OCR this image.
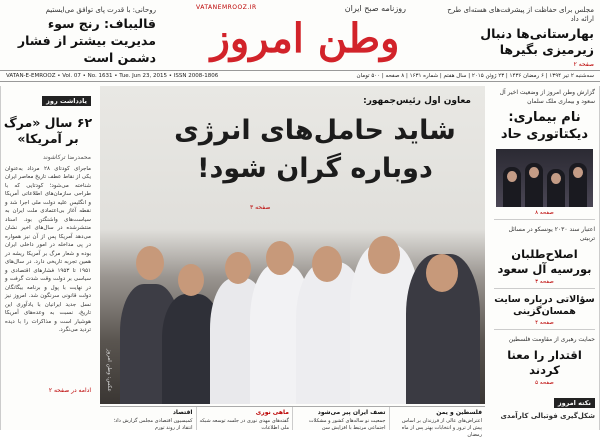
روحانی: با قدرت پای توافق می‌ایستیم
قالیباف: رنج سوء مدیریت بیشتر از فشار دشمن است
VATANEMROOZ.IR	روزنامه صبح ایران
وطن امروز
مجلس برای حفاظت از پیشرفت‌های هسته‌ای طرح ارائه داد
بهارستانی‌ها دنبال زیرمیزی بگیرها
صفحه ۲
سه‌شنبه ۲ تیر ۱۳۹۴ | ۶ رمضان ۱۴۳۶ | ۲۳ ژوئن ۲۰۱۵ | سال هفتم | شماره ۱۶۳۱ | ۸ صفحه | ۵۰۰ تومان
VATAN-E-EMROOZ • Vol. 07 • No. 1631 • Tue. Jun 23, 2015 • ISSN 2008-1806
یادداشت روز
۶۲ سال «مرگ بر آمریکا»
محمدرضا ترکاشوند
ماجرای کودتای ۲۸ مرداد به‌عنوان یکی از نقاط عطف تاریخ معاصر ایران شناخته می‌شود؛ کودتایی که با طراحی سازمان‌های اطلاعاتی آمریکا و انگلیس علیه دولت ملی اجرا شد و نقطه آغاز بی‌اعتمادی ملت ایران به سیاست‌های واشنگتن بود. اسناد منتشرشده در سال‌های اخیر نشان می‌دهد آمریکا پس از آن نیز همواره در پی مداخله در امور داخلی ایران بوده و شعار مرگ بر آمریکا ریشه در همین تجربه تاریخی دارد. در سال‌های ۱۹۵۱ تا ۱۹۵۳ فشارهای اقتصادی و سیاسی بر دولت وقت شدت گرفت و در نهایت با پول و برنامه بیگانگان دولت قانونی سرنگون شد. امروز نیز نسل جدید ایرانیان با یادآوری این تاریخ، نسبت به وعده‌های آمریکا هوشیار است و مذاکرات را با دیده تردید می‌نگرد.
ادامه در صفحه ۲
معاون اول رئیس‌جمهور:
شاید حامل‌های انرژی دوباره گران شود!
صفحه ۳
عکس: وطن امروز
گزارش وطن امروز از وضعیت اخیر آل سعود و بیماری ملک سلمان
نام بیماری: دیکتاتوری حاد
صفحه ۸
اعتبار سند ۲۰۳۰ یونسکو در مسائل تربیتی
اصلاح‌طلبان بورسیه آل سعود
صفحه ۳
سؤالاتی درباره سایت همسان‌گزینی
صفحه ۴
حمایت رهبری از مقاومت فلسطین
اقتدار را معنا کردند
صفحه ۵
نکته امروز
شکل‌گیری فوتبالی کارآمدی
فلسطین و یمن
اعتراض‌های عالی از فرزندان بر اساس پیش از ترور و انتخابات بهتر پس از ماه رمضان
تصف ایران پیر می‌شود
جمعیت نو ساله‌های کشور و مشکلات اجتماعی مرتبط با افزایش سن
ماهی نوری
گفته‌های مهدی نوری در جلسه توسعه شبکه ملی اطلاعات
اقتصاد
کمیسیون اقتصادی مجلس گزارش داد؛ انتقاد از روند تورم
